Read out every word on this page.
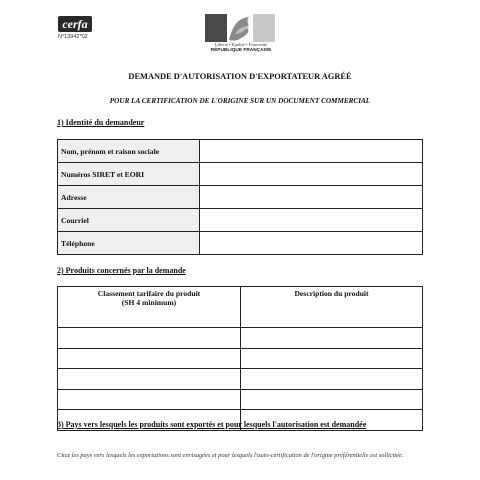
cerfa
N°13942*02
Liberté • Égalité • Fraternité
RÉPUBLIQUE FRANÇAISE
DEMANDE D'AUTORISATION D'EXPORTATEUR AGRÉÉ
POUR LA CERTIFICATION DE L'ORIGINE SUR UN DOCUMENT COMMERCIAL
1) Identité du demandeur
Nom, prénom et raison sociale	
Numéros SIRET et EORI	
Adresse	
Courriel	
Téléphone	
2) Produits concernés par la demande
Classement tarifaire du produit
(SH 4 minimum)	Description du produit

3) Pays vers lesquels les produits sont exportés et pour lesquels l'autorisation est demandée
Citez les pays vers lesquels les exportations sont envisagées et pour lesquels l'auto-certification de l'origine préférentielle est sollicitée.
